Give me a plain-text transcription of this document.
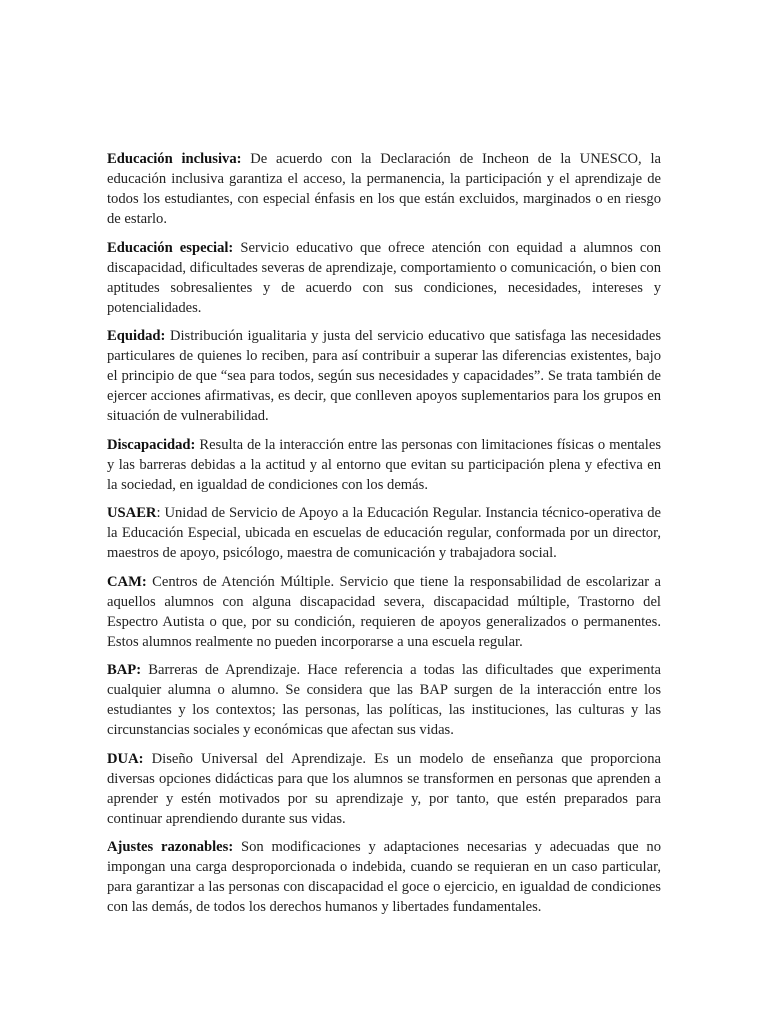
Educación inclusiva: De acuerdo con la Declaración de Incheon de la UNESCO, la educación inclusiva garantiza el acceso, la permanencia, la participación y el aprendizaje de todos los estudiantes, con especial énfasis en los que están excluidos, marginados o en riesgo de estarlo.

Educación especial: Servicio educativo que ofrece atención con equidad a alumnos con discapacidad, dificultades severas de aprendizaje, comportamiento o comunicación, o bien con aptitudes sobresalientes y de acuerdo con sus condiciones, necesidades, intereses y potencialidades.

Equidad: Distribución igualitaria y justa del servicio educativo que satisfaga las necesidades particulares de quienes lo reciben, para así contribuir a superar las diferencias existentes, bajo el principio de que “sea para todos, según sus necesidades y capacidades”. Se trata también de ejercer acciones afirmativas, es decir, que conlleven apoyos suplementarios para los grupos en situación de vulnerabilidad.

Discapacidad: Resulta de la interacción entre las personas con limitaciones físicas o mentales y las barreras debidas a la actitud y al entorno que evitan su participación plena y efectiva en la sociedad, en igualdad de condiciones con los demás.

USAER: Unidad de Servicio de Apoyo a la Educación Regular. Instancia técnico-operativa de la Educación Especial, ubicada en escuelas de educación regular, conformada por un director, maestros de apoyo, psicólogo, maestra de comunicación y trabajadora social.

CAM: Centros de Atención Múltiple. Servicio que tiene la responsabilidad de escolarizar a aquellos alumnos con alguna discapacidad severa, discapacidad múltiple, Trastorno del Espectro Autista o que, por su condición, requieren de apoyos generalizados o permanentes. Estos alumnos realmente no pueden incorporarse a una escuela regular.

BAP: Barreras de Aprendizaje. Hace referencia a todas las dificultades que experimenta cualquier alumna o alumno. Se considera que las BAP surgen de la interacción entre los estudiantes y los contextos; las personas, las políticas, las instituciones, las culturas y las circunstancias sociales y económicas que afectan sus vidas.

DUA: Diseño Universal del Aprendizaje. Es un modelo de enseñanza que proporciona diversas opciones didácticas para que los alumnos se transformen en personas que aprenden a aprender y estén motivados por su aprendizaje y, por tanto, que estén preparados para continuar aprendiendo durante sus vidas.

Ajustes razonables: Son modificaciones y adaptaciones necesarias y adecuadas que no impongan una carga desproporcionada o indebida, cuando se requieran en un caso particular, para garantizar a las personas con discapacidad el goce o ejercicio, en igualdad de condiciones con las demás, de todos los derechos humanos y libertades fundamentales.
